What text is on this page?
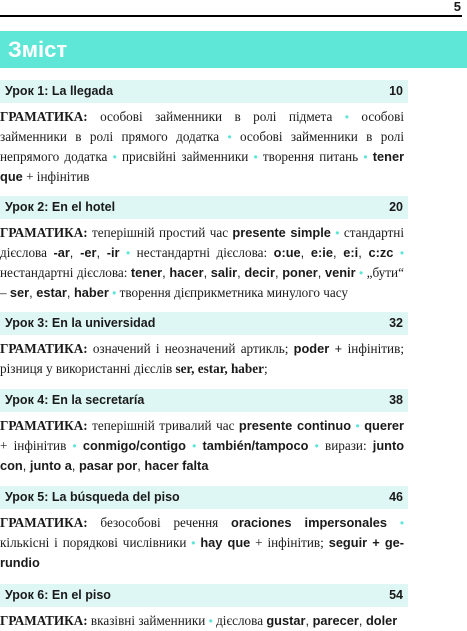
5
Зміст
Урок 1: La llegada	10
ГРАМАТИКА: особові займенники в ролі підмета • особові займенники в ролі прямого додатка • особові займенники в ролі непрямого додатка • присвійні займенники • творення питань • tener que + інфінітив
Урок 2: En el hotel	20
ГРАМАТИКА: теперішній простий час presente simple • стандартні дієслова -ar, -er, -ir • нестандартні дієслова: o:ue, e:ie, e:i, c:zc • нестандартні дієслова: tener, hacer, salir, decir, poner, venir • „бути“ – ser, estar, haber • творення дієприкметника минулого часу
Урок 3: En la universidad	32
ГРАМАТИКА: означений і неозначений артикль; poder + інфінітив; різниця у використанні дієслів ser, estar, haber;
Урок 4: En la secretaría	38
ГРАМАТИКА: теперішній тривалий час presente continuo • querer + інфінітив • conmigo/contigo • también/tampoco • вирази: junto con, junto a, pasar por, hacer falta
Урок 5: La búsqueda del piso	46
ГРАМАТИКА: безособові речення oraciones impersonales • кількісні і порядкові числівники • hay que + інфінітив; seguir + ge-rundio
Урок 6: En el piso	54
ГРАМАТИКА: вказівні займенники • дієслова gustar, parecer, doler
